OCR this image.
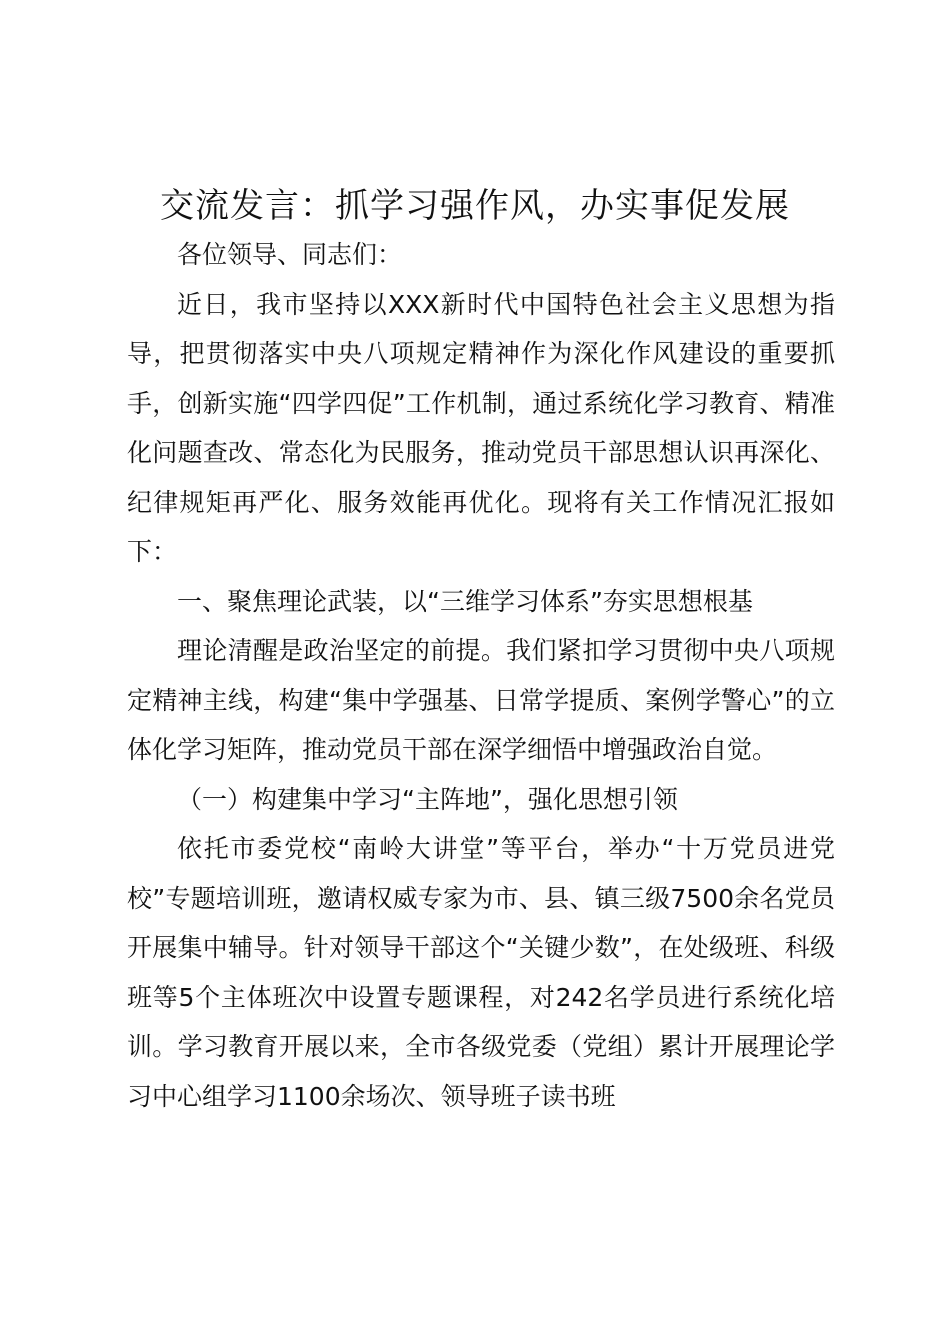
交流发言：抓学习强作风，办实事促发展

各位领导、同志们：

近日，我市坚持以XXX新时代中国特色社会主义思想为指导，把贯彻落实中央八项规定精神作为深化作风建设的重要抓手，创新实施“四学四促”工作机制，通过系统化学习教育、精准化问题查改、常态化为民服务，推动党员干部思想认识再深化、纪律规矩再严化、服务效能再优化。现将有关工作情况汇报如下：

一、聚焦理论武装，以“三维学习体系”夯实思想根基

理论清醒是政治坚定的前提。我们紧扣学习贯彻中央八项规定精神主线，构建“集中学强基、日常学提质、案例学警心”的立体化学习矩阵，推动党员干部在深学细悟中增强政治自觉。

（一）构建集中学习“主阵地”，强化思想引领

依托市委党校“南岭大讲堂”等平台，举办“十万党员进党校”专题培训班，邀请权威专家为市、县、镇三级7500余名党员开展集中辅导。针对领导干部这个“关键少数”，在处级班、科级班等5个主体班次中设置专题课程，对242名学员进行系统化培训。学习教育开展以来，全市各级党委（党组）累计开展理论学习中心组学习1100余场次、领导班子读书班
